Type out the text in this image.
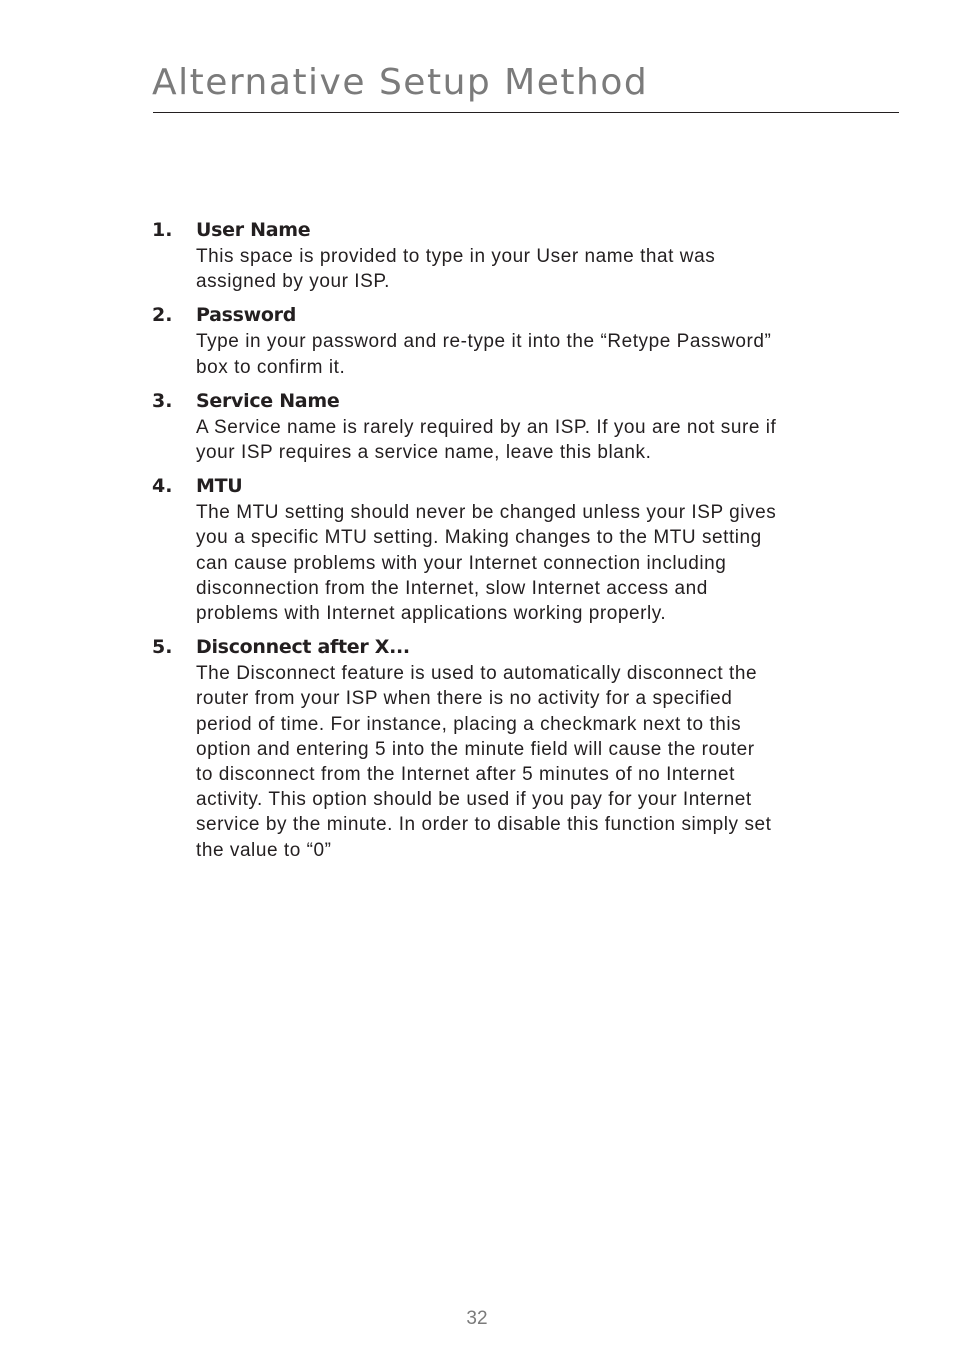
Alternative Setup Method
1.	User Name
This space is provided to type in your User name that was
assigned by your ISP.
2.	Password
Type in your password and re-type it into the “Retype Password”
box to confirm it.
3.	Service Name
A Service name is rarely required by an ISP. If you are not sure if
your ISP requires a service name, leave this blank.
4.	MTU
The MTU setting should never be changed unless your ISP gives
you a specific MTU setting. Making changes to the MTU setting
can cause problems with your Internet connection including
disconnection from the Internet, slow Internet access and
problems with Internet applications working properly.
5.	Disconnect after X...
The Disconnect feature is used to automatically disconnect the
router from your ISP when there is no activity for a specified
period of time. For instance, placing a checkmark next to this
option and entering 5 into the minute field will cause the router
to disconnect from the Internet after 5 minutes of no Internet
activity. This option should be used if you pay for your Internet
service by the minute. In order to disable this function simply set
the value to “0”
32
